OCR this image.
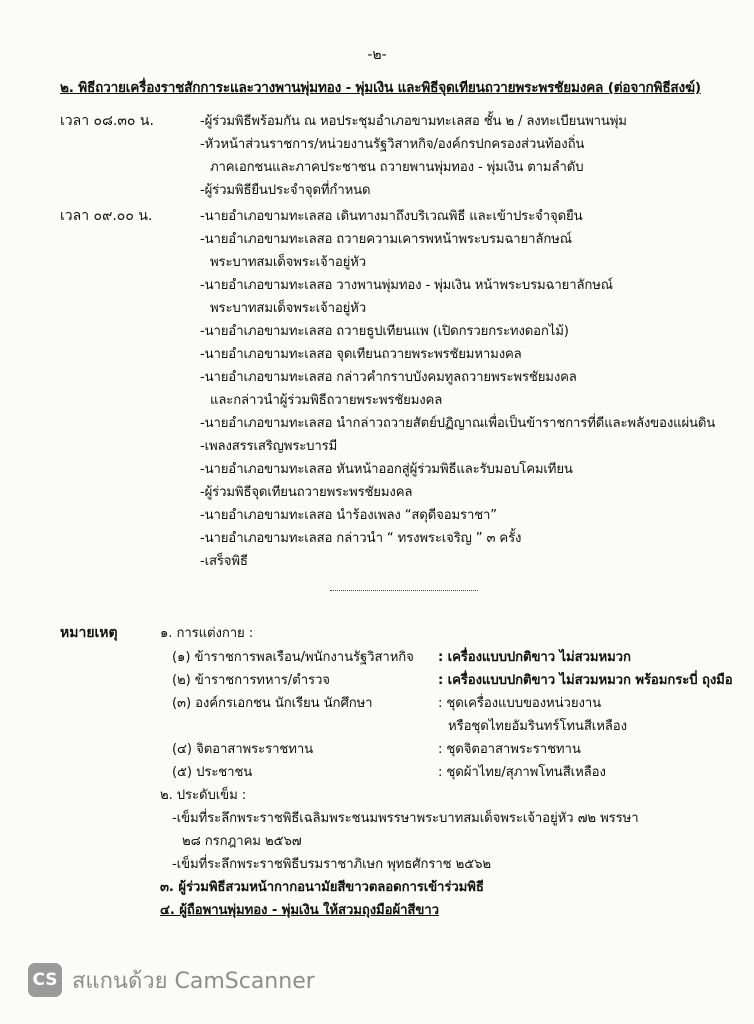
-๒-
๒. พิธีถวายเครื่องราชสักการะและวางพานพุ่มทอง - พุ่มเงิน และพิธีจุดเทียนถวายพระพรชัยมงคล (ต่อจากพิธีสงฆ์)
เวลา ๐๘.๓๐ น.	-ผู้ร่วมพิธีพร้อมกัน ณ หอประชุมอำเภอขามทะเลสอ ชั้น ๒ / ลงทะเบียนพานพุ่ม
-หัวหน้าส่วนราชการ/หน่วยงานรัฐวิสาหกิจ/องค์กรปกครองส่วนท้องถิ่น
ภาคเอกชนและภาคประชาชน ถวายพานพุ่มทอง - พุ่มเงิน ตามลำดับ
-ผู้ร่วมพิธียืนประจำจุดที่กำหนด
เวลา ๐๙.๐๐ น.	-นายอำเภอขามทะเลสอ เดินทางมาถึงบริเวณพิธี และเข้าประจำจุดยืน
-นายอำเภอขามทะเลสอ ถวายความเคารพหน้าพระบรมฉายาลักษณ์
พระบาทสมเด็จพระเจ้าอยู่หัว
-นายอำเภอขามทะเลสอ วางพานพุ่มทอง - พุ่มเงิน หน้าพระบรมฉายาลักษณ์
พระบาทสมเด็จพระเจ้าอยู่หัว
-นายอำเภอขามทะเลสอ ถวายธูปเทียนแพ (เปิดกรวยกระทงดอกไม้)
-นายอำเภอขามทะเลสอ จุดเทียนถวายพระพรชัยมหามงคล
-นายอำเภอขามทะเลสอ กล่าวคำกราบบังคมทูลถวายพระพรชัยมงคล
และกล่าวนำผู้ร่วมพิธีถวายพระพรชัยมงคล
-นายอำเภอขามทะเลสอ นำกล่าวถวายสัตย์ปฏิญาณเพื่อเป็นข้าราชการที่ดีและพลังของแผ่นดิน
-เพลงสรรเสริญพระบารมี
-นายอำเภอขามทะเลสอ หันหน้าออกสู่ผู้ร่วมพิธีและรับมอบโคมเทียน
-ผู้ร่วมพิธีจุดเทียนถวายพระพรชัยมงคล
-นายอำเภอขามทะเลสอ นำร้องเพลง “สดุดีจอมราชา”
-นายอำเภอขามทะเลสอ กล่าวนำ “ ทรงพระเจริญ ” ๓ ครั้ง
-เสร็จพิธี
หมายเหตุ	๑. การแต่งกาย :
(๑) ข้าราชการพลเรือน/พนักงานรัฐวิสาหกิจ : เครื่องแบบปกติขาว ไม่สวมหมวก
(๒) ข้าราชการทหาร/ตำรวจ	: เครื่องแบบปกติขาว ไม่สวมหมวก พร้อมกระบี่ ถุงมือ
(๓) องค์กรเอกชน นักเรียน นักศึกษา	: ชุดเครื่องแบบของหน่วยงาน
หรือชุดไทยอัมรินทร์โทนสีเหลือง
(๔) จิตอาสาพระราชทาน	: ชุดจิตอาสาพระราชทาน
(๕) ประชาชน	: ชุดผ้าไทย/สุภาพโทนสีเหลือง
๒. ประดับเข็ม :
-เข็มที่ระลึกพระราชพิธีเฉลิมพระชนมพรรษาพระบาทสมเด็จพระเจ้าอยู่หัว ๗๒ พรรษา
๒๘ กรกฎาคม ๒๕๖๗
-เข็มที่ระลึกพระราชพิธีบรมราชาภิเษก พุทธศักราช ๒๕๖๒
๓. ผู้ร่วมพิธีสวมหน้ากากอนามัยสีขาวตลอดการเข้าร่วมพิธี
๔. ผู้ถือพานพุ่มทอง - พุ่มเงิน ให้สวมถุงมือผ้าสีขาว
CS สแกนด้วย CamScanner
